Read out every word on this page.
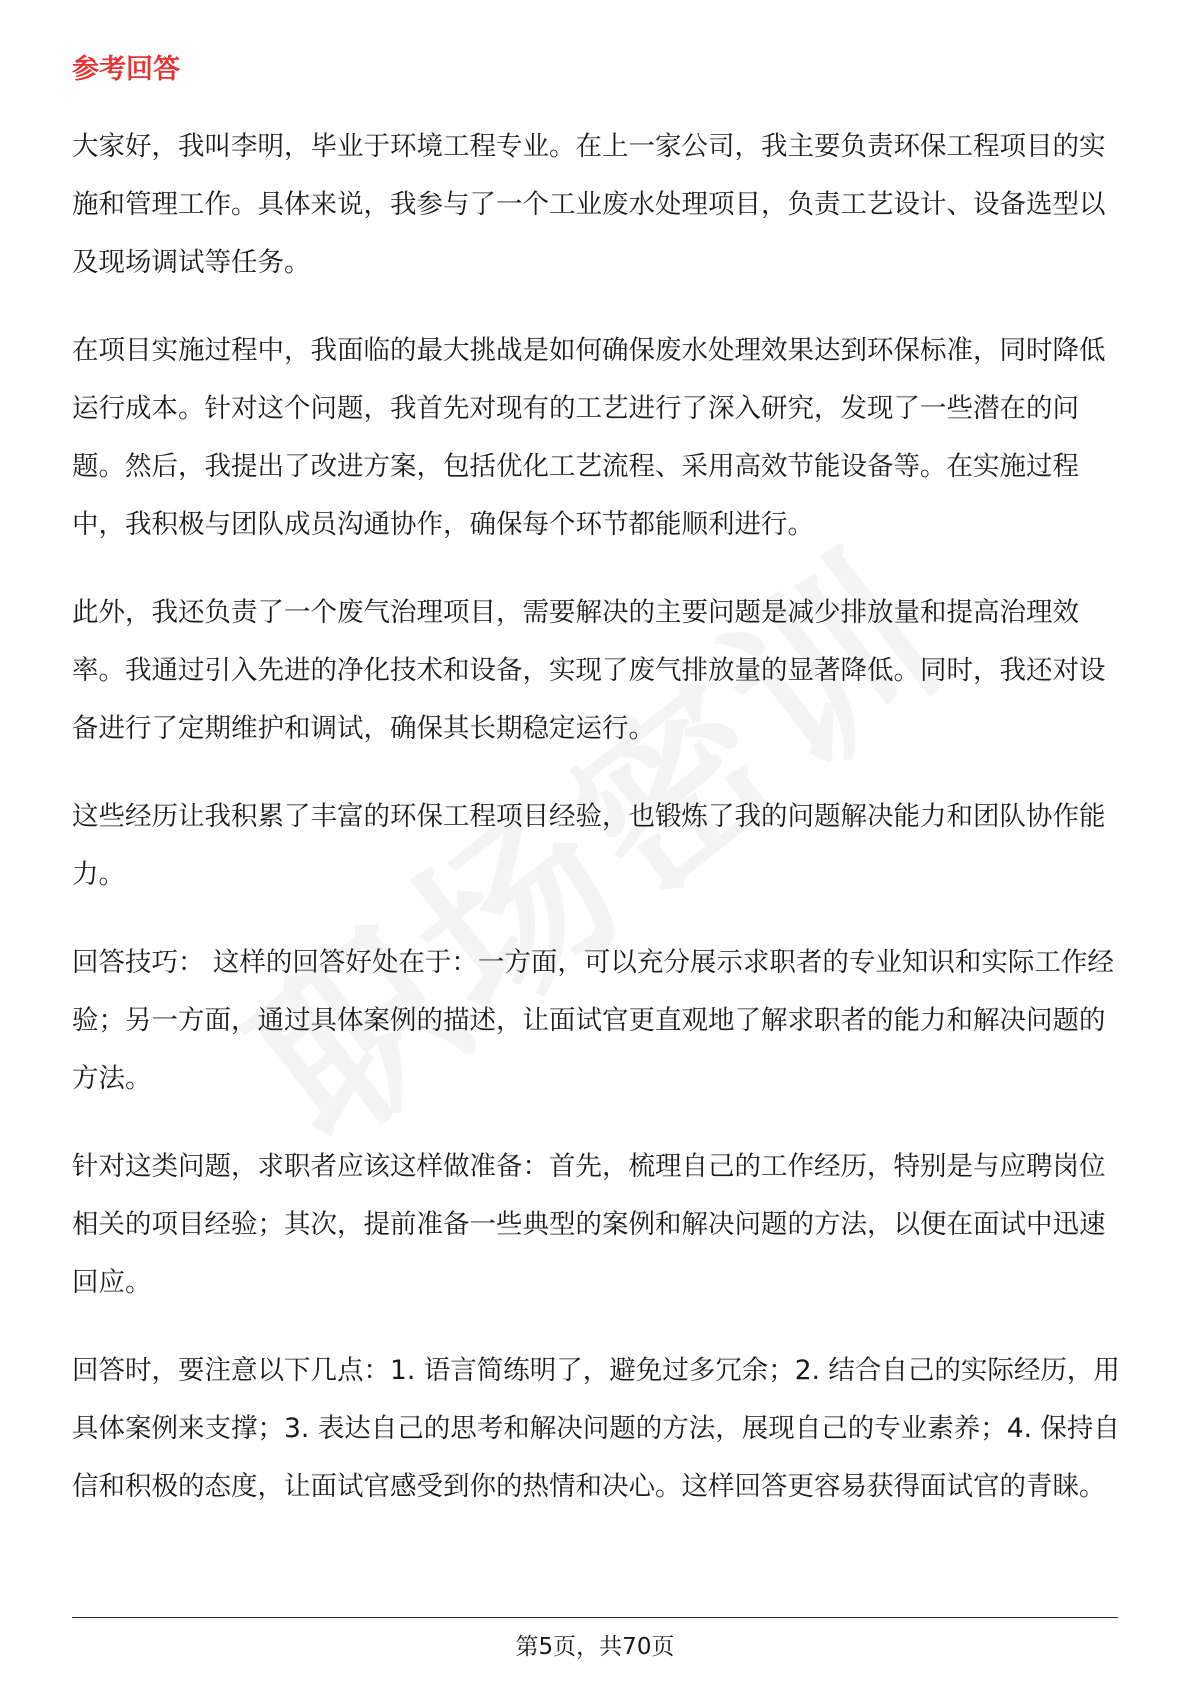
参考回答

大家好，我叫李明，毕业于环境工程专业。在上一家公司，我主要负责环保工程项目的实施和管理工作。具体来说，我参与了一个工业废水处理项目，负责工艺设计、设备选型以及现场调试等任务。

在项目实施过程中，我面临的最大挑战是如何确保废水处理效果达到环保标准，同时降低运行成本。针对这个问题，我首先对现有的工艺进行了深入研究，发现了一些潜在的问题。然后，我提出了改进方案，包括优化工艺流程、采用高效节能设备等。在实施过程中，我积极与团队成员沟通协作，确保每个环节都能顺利进行。

此外，我还负责了一个废气治理项目，需要解决的主要问题是减少排放量和提高治理效率。我通过引入先进的净化技术和设备，实现了废气排放量的显著降低。同时，我还对设备进行了定期维护和调试，确保其长期稳定运行。

这些经历让我积累了丰富的环保工程项目经验，也锻炼了我的问题解决能力和团队协作能力。

回答技巧： 这样的回答好处在于：一方面，可以充分展示求职者的专业知识和实际工作经验；另一方面，通过具体案例的描述，让面试官更直观地了解求职者的能力和解决问题的方法。

针对这类问题，求职者应该这样做准备：首先，梳理自己的工作经历，特别是与应聘岗位相关的项目经验；其次，提前准备一些典型的案例和解决问题的方法，以便在面试中迅速回应。

回答时，要注意以下几点：1. 语言简练明了，避免过多冗余；2. 结合自己的实际经历，用具体案例来支撑；3. 表达自己的思考和解决问题的方法，展现自己的专业素养；4. 保持自信和积极的态度，让面试官感受到你的热情和决心。这样回答更容易获得面试官的青睐。

第5页，共70页
